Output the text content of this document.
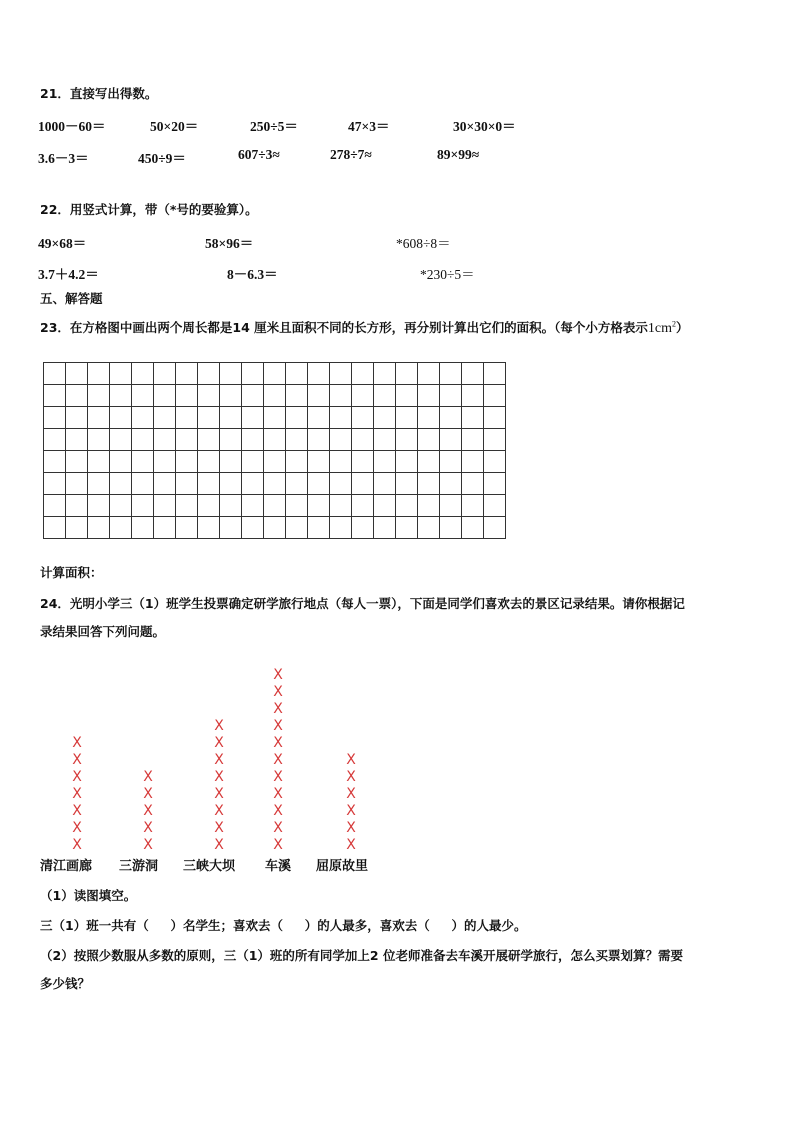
21．直接写出得数。
1000－60＝	50×20＝	250÷5＝	47×3＝	30×30×0＝
3.6－3＝	450÷9＝	607÷3≈	278÷7≈	89×99≈
22．用竖式计算，带（*号的要验算）。
49×68＝	58×96＝	*608÷8＝
3.7＋4.2＝	8－6.3＝	*230÷5＝
五、解答题
23．在方格图中画出两个周长都是14 厘米且面积不同的长方形，再分别计算出它们的面积。（每个小方格表示$1cm^2$）
计算面积：
24．光明小学三（1）班学生投票确定研学旅行地点（每人一票），下面是同学们喜欢去的景区记录结果。请你根据记
录结果回答下列问题。
X
X
X
X
X
X
X
清江画廊
X
X
X
X
X
三游洞
X
X
X
X
X
X
X
X
三峡大坝
X
X
X
X
X
X
X
X
X
X
X
车溪
X
X
X
X
X
X
屈原故里
（1）读图填空。
三（1）班一共有（     ）名学生；喜欢去（     ）的人最多，喜欢去（     ）的人最少。
（2）按照少数服从多数的原则，三（1）班的所有同学加上2 位老师准备去车溪开展研学旅行，怎么买票划算？需要
多少钱？
